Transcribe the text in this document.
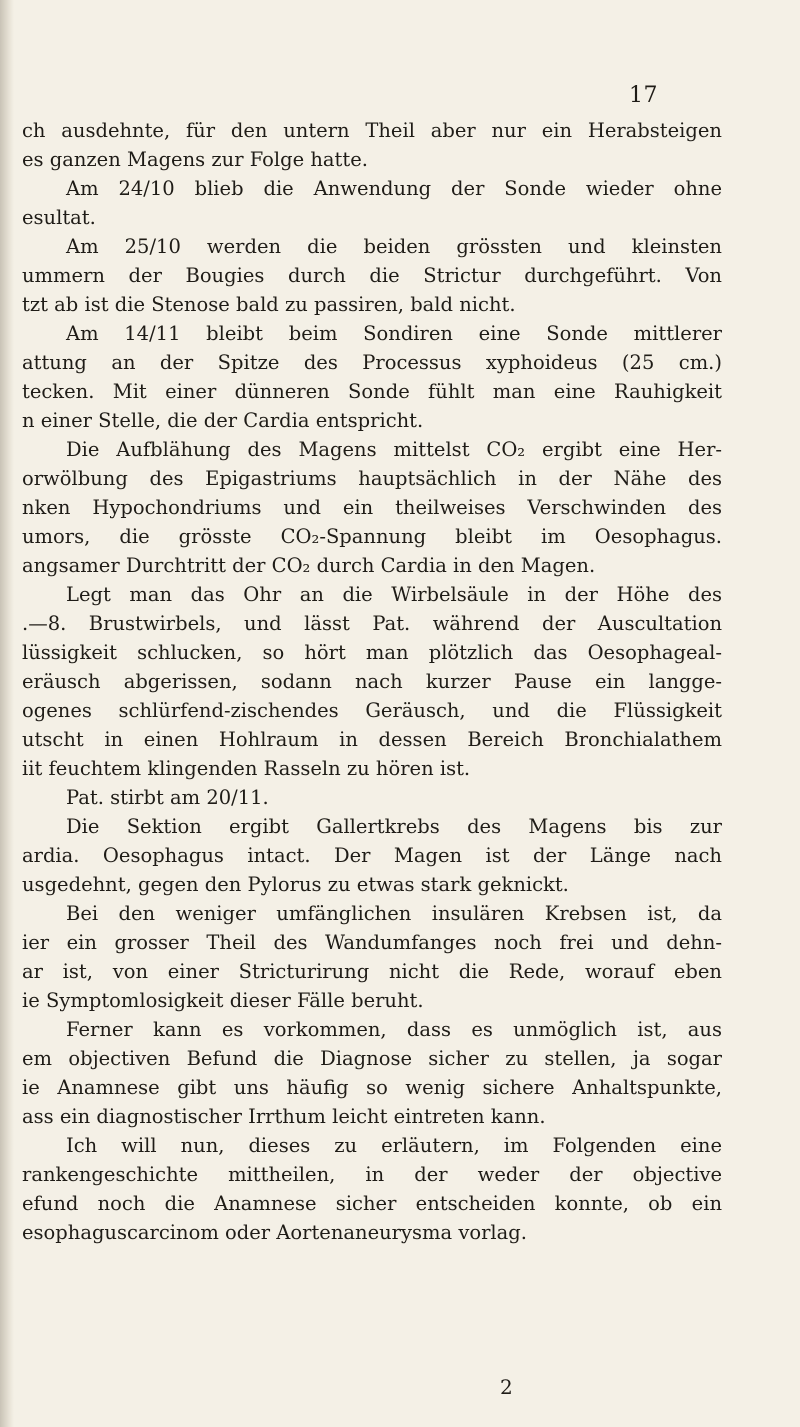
17
ch ausdehnte, für den untern Theil aber nur ein Herabsteigen
es ganzen Magens zur Folge hatte.
Am 24/10 blieb die Anwendung der Sonde wieder ohne
esultat.
Am 25/10 werden die beiden grössten und kleinsten
ummern der Bougies durch die Strictur durchgeführt. Von
tzt ab ist die Stenose bald zu passiren, bald nicht.
Am 14/11 bleibt beim Sondiren eine Sonde mittlerer
attung an der Spitze des Processus xyphoideus (25 cm.)
tecken. Mit einer dünneren Sonde fühlt man eine Rauhigkeit
n einer Stelle, die der Cardia entspricht.
Die Aufblähung des Magens mittelst CO₂ ergibt eine Her-
orwölbung des Epigastriums hauptsächlich in der Nähe des
nken Hypochondriums und ein theilweises Verschwinden des
umors, die grösste CO₂-Spannung bleibt im Oesophagus.
angsamer Durchtritt der CO₂ durch Cardia in den Magen.
Legt man das Ohr an die Wirbelsäule in der Höhe des
.—8. Brustwirbels, und lässt Pat. während der Auscultation
lüssigkeit schlucken, so hört man plötzlich das Oesophageal-
eräusch abgerissen, sodann nach kurzer Pause ein langge-
ogenes schlürfend-zischendes Geräusch, und die Flüssigkeit
utscht in einen Hohlraum in dessen Bereich Bronchialathem
iit feuchtem klingenden Rasseln zu hören ist.
Pat. stirbt am 20/11.
Die Sektion ergibt Gallertkrebs des Magens bis zur
ardia. Oesophagus intact. Der Magen ist der Länge nach
usgedehnt, gegen den Pylorus zu etwas stark geknickt.
Bei den weniger umfänglichen insulären Krebsen ist, da
ier ein grosser Theil des Wandumfanges noch frei und dehn-
ar ist, von einer Stricturirung nicht die Rede, worauf eben
ie Symptomlosigkeit dieser Fälle beruht.
Ferner kann es vorkommen, dass es unmöglich ist, aus
em objectiven Befund die Diagnose sicher zu stellen, ja sogar
ie Anamnese gibt uns häufig so wenig sichere Anhaltspunkte,
ass ein diagnostischer Irrthum leicht eintreten kann.
Ich will nun, dieses zu erläutern, im Folgenden eine
rankengeschichte mittheilen, in der weder der objective
efund noch die Anamnese sicher entscheiden konnte, ob ein
esophaguscarcinom oder Aortenaneurysma vorlag.
2
